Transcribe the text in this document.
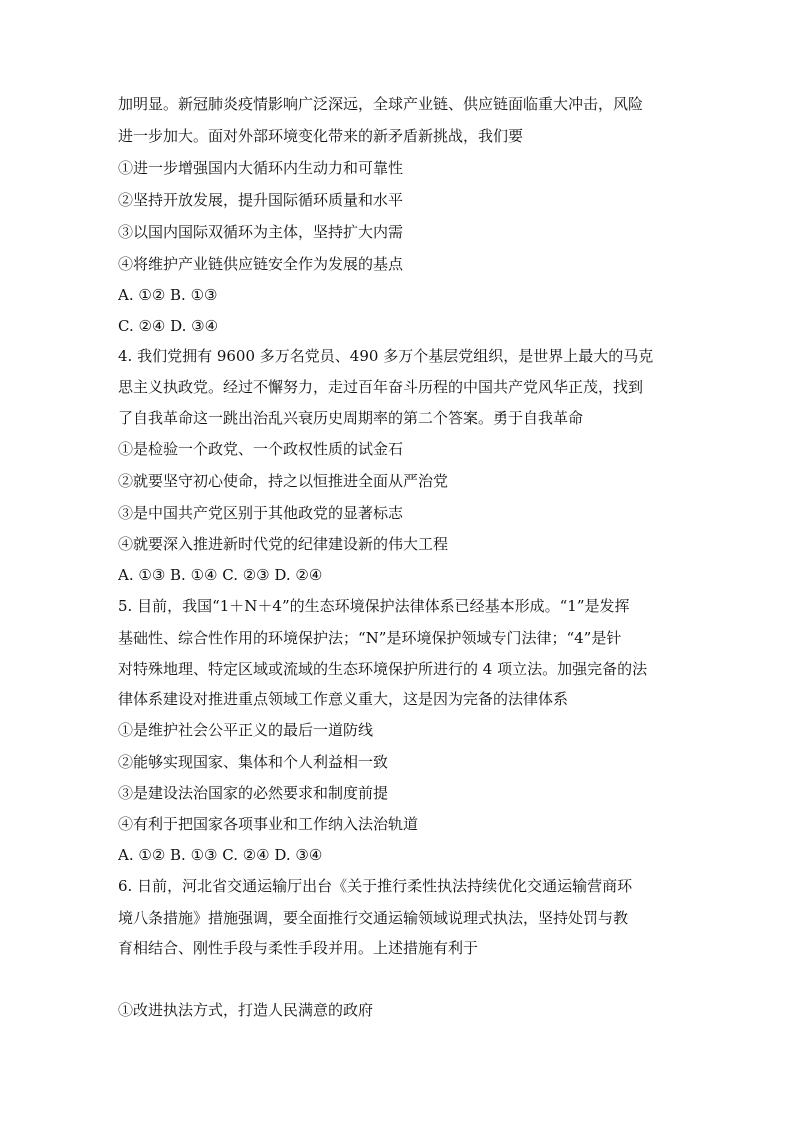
加明显。新冠肺炎疫情影响广泛深远，全球产业链、供应链面临重大冲击，风险
进一步加大。面对外部环境变化带来的新矛盾新挑战，我们要
①进一步增强国内大循环内生动力和可靠性
②坚持开放发展，提升国际循环质量和水平
③以国内国际双循环为主体，坚持扩大内需
④将维护产业链供应链安全作为发展的基点
A. ①② B. ①③
C. ②④ D. ③④
4. 我们党拥有 9600 多万名党员、490 多万个基层党组织，是世界上最大的马克
思主义执政党。经过不懈努力，走过百年奋斗历程的中国共产党风华正茂，找到
了自我革命这一跳出治乱兴衰历史周期率的第二个答案。勇于自我革命
①是检验一个政党、一个政权性质的试金石
②就要坚守初心使命，持之以恒推进全面从严治党
③是中国共产党区别于其他政党的显著标志
④就要深入推进新时代党的纪律建设新的伟大工程
A. ①③ B. ①④ C. ②③ D. ②④
5. 目前，我国“1＋N＋4”的生态环境保护法律体系已经基本形成。“1”是发挥
基础性、综合性作用的环境保护法；“N”是环境保护领域专门法律；“4”是针
对特殊地理、特定区域或流域的生态环境保护所进行的 4 项立法。加强完备的法
律体系建设对推进重点领域工作意义重大，这是因为完备的法律体系
①是维护社会公平正义的最后一道防线
②能够实现国家、集体和个人利益相一致
③是建设法治国家的必然要求和制度前提
④有利于把国家各项事业和工作纳入法治轨道
A. ①② B. ①③ C. ②④ D. ③④
6. 日前，河北省交通运输厅出台《关于推行柔性执法持续优化交通运输营商环
境八条措施》措施强调，要全面推行交通运输领域说理式执法，坚持处罚与教
育相结合、刚性手段与柔性手段并用。上述措施有利于
①改进执法方式，打造人民满意的政府
